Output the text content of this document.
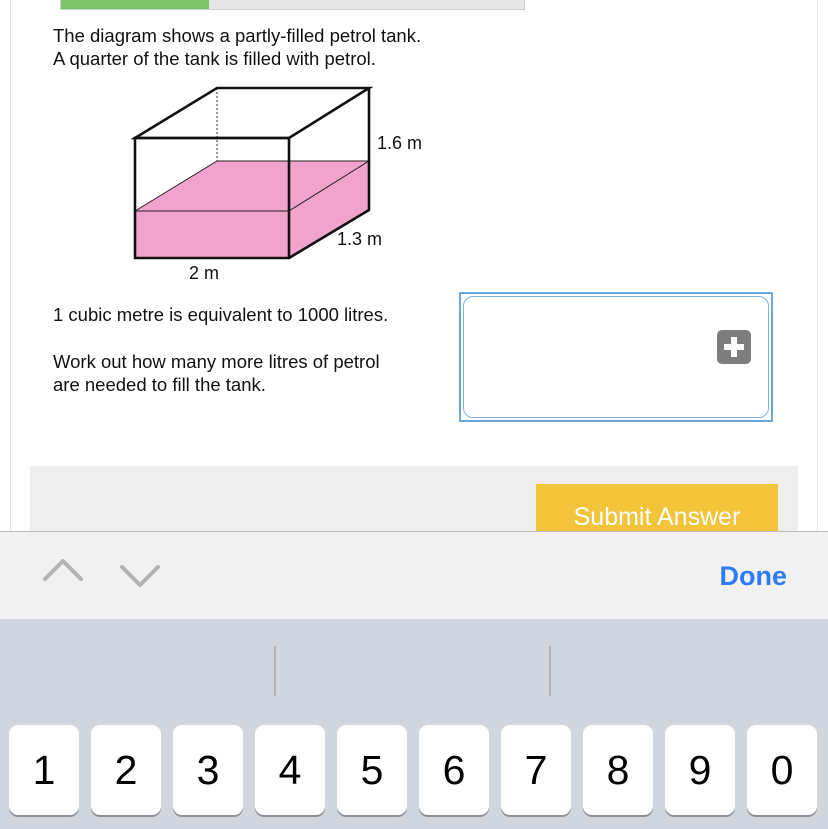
The diagram shows a partly-filled petrol tank.
A quarter of the tank is filled with petrol.
1.6 m
1.3 m
2 m
1 cubic metre is equivalent to 1000 litres.
Work out how many more litres of petrol
are needed to fill the tank.
Submit Answer
Done
1	2	3	4	5	6	7	8	9	0
